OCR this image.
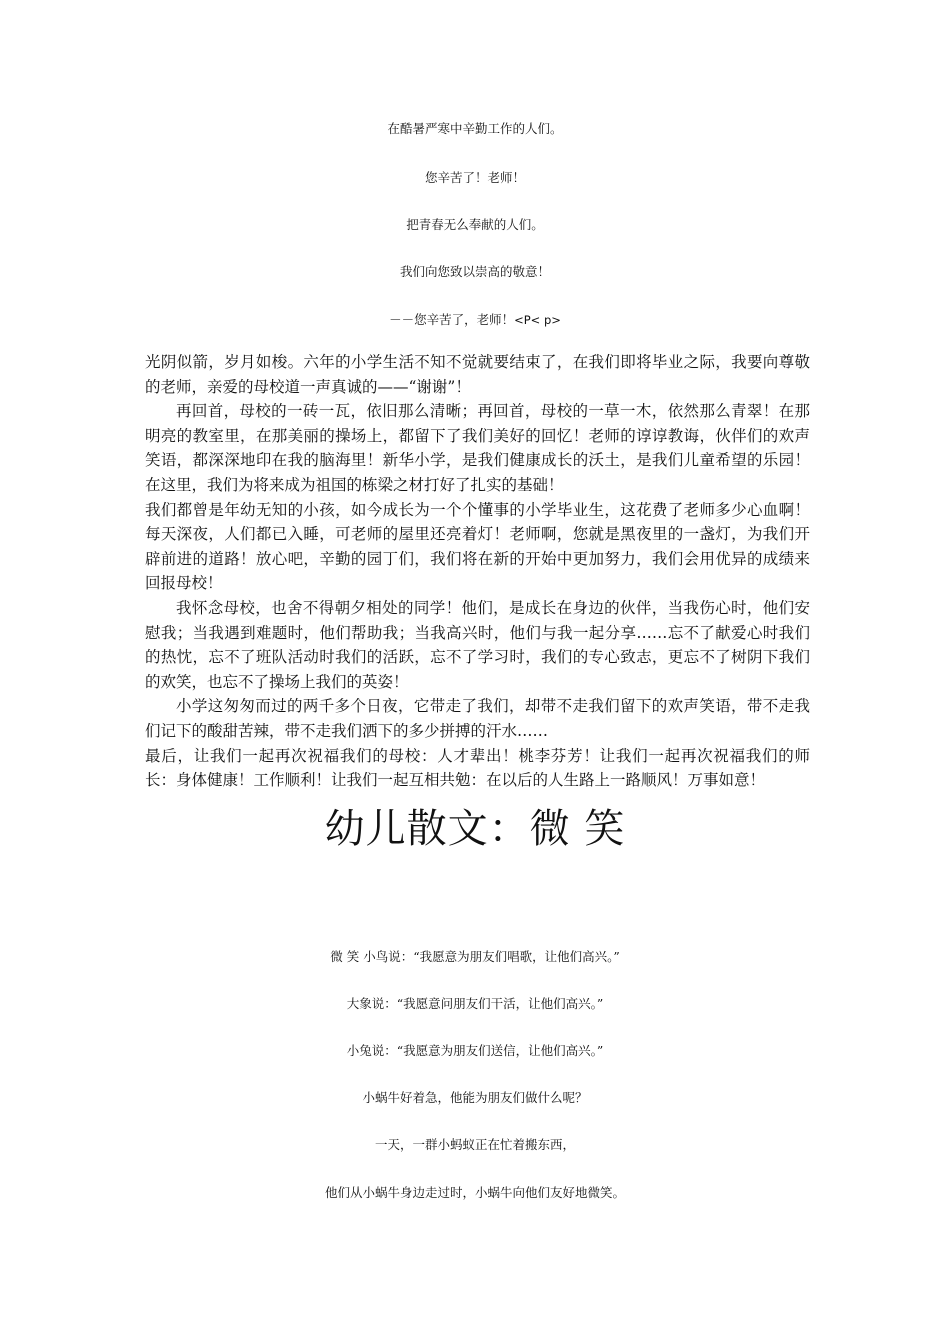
在酷暑严寒中辛勤工作的人们。
您辛苦了！老师！
把青春无么奉献的人们。
我们向您致以崇高的敬意！
－－您辛苦了，老师！<P< p>

光阴似箭，岁月如梭。六年的小学生活不知不觉就要结束了，在我们即将毕业之际，我要向尊敬的老师，亲爱的母校道一声真诚的——“谢谢”！

再回首，母校的一砖一瓦，依旧那么清晰；再回首，母校的一草一木，依然那么青翠！在那明亮的教室里，在那美丽的操场上，都留下了我们美好的回忆！老师的谆谆教诲，伙伴们的欢声笑语，都深深地印在我的脑海里！新华小学，是我们健康成长的沃土，是我们儿童希望的乐园！在这里，我们为将来成为祖国的栋梁之材打好了扎实的基础！

我们都曾是年幼无知的小孩，如今成长为一个个懂事的小学毕业生，这花费了老师多少心血啊！每天深夜，人们都已入睡，可老师的屋里还亮着灯！老师啊，您就是黑夜里的一盏灯，为我们开辟前进的道路！放心吧，辛勤的园丁们，我们将在新的开始中更加努力，我们会用优异的成绩来回报母校！

我怀念母校，也舍不得朝夕相处的同学！他们，是成长在身边的伙伴，当我伤心时，他们安慰我；当我遇到难题时，他们帮助我；当我高兴时，他们与我一起分享……忘不了献爱心时我们的热忱，忘不了班队活动时我们的活跃，忘不了学习时，我们的专心致志，更忘不了树阴下我们的欢笑，也忘不了操场上我们的英姿！

小学这匆匆而过的两千多个日夜，它带走了我们，却带不走我们留下的欢声笑语，带不走我们记下的酸甜苦辣，带不走我们洒下的多少拼搏的汗水……

最后，让我们一起再次祝福我们的母校：人才辈出！桃李芬芳！让我们一起再次祝福我们的师长：身体健康！工作顺利！让我们一起互相共勉：在以后的人生路上一路顺风！万事如意！

幼儿散文：微 笑
微 笑 小鸟说：“我愿意为朋友们唱歌，让他们高兴。”
大象说：“我愿意问朋友们干活，让他们高兴。”
小兔说：“我愿意为朋友们送信，让他们高兴。”
小蜗牛好着急，他能为朋友们做什么呢？
一天，一群小蚂蚁正在忙着搬东西，
他们从小蜗牛身边走过时，小蜗牛向他们友好地微笑。
